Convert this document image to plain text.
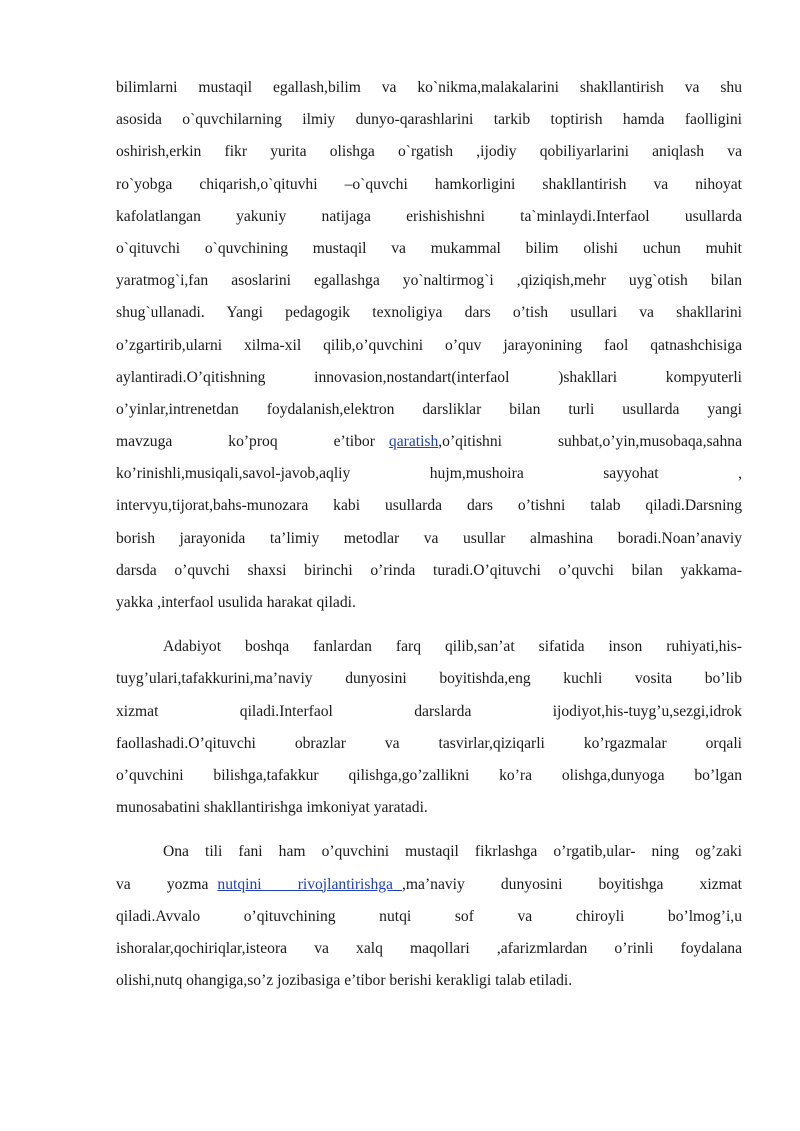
bilimlarni mustaqil egallash,bilim va ko`nikma,malakalarini shakllantirish va shu
asosida o`quvchilarning ilmiy dunyo-qarashlarini tarkib toptirish hamda faolligini
oshirish,erkin fikr yurita olishga o`rgatish ,ijodiy qobiliyarlarini aniqlash va
ro`yobga chiqarish,o`qituvhi –o`quvchi hamkorligini shakllantirish va nihoyat
kafolatlangan yakuniy natijaga erishishishni ta`minlaydi.Interfaol usullarda
o`qituvchi o`quvchining mustaqil va mukammal bilim olishi uchun muhit
yaratmog`i,fan asoslarini egallashga yo`naltirmog`i ,qiziqish,mehr uyg`otish bilan
shug`ullanadi. Yangi pedagogik texnoligiya dars o’tish usullari va shakllarini
o’zgartirib,ularni xilma-xil qilib,o’quvchini o’quv jarayonining faol qatnashchisiga
aylantiradi.O’qitishning innovasion,nostandart(interfaol )shakllari kompyuterli
o’yinlar,intrenetdan foydalanish,elektron darsliklar bilan turli usullarda yangi
mavzuga    ko’proq    e’tibor qaratish,o’qitishni    suhbat,o’yin,musobaqa,sahna
ko’rinishli,musiqali,savol-javob,aqliy hujm,mushoira sayyohat ,
intervyu,tijorat,bahs-munozara kabi usullarda dars o’tishni talab qiladi.Darsning
borish jarayonida ta’limiy metodlar va usullar almashina boradi.Noan’anaviy
darsda o’quvchi shaxsi birinchi o’rinda turadi.O’qituvchi o’quvchi bilan yakkama-
yakka ,interfaol usulida harakat qiladi.
Adabiyot boshqa fanlardan farq qilib,san’at sifatida inson ruhiyati,his-
tuyg’ulari,tafakkurini,ma’naviy dunyosini boyitishda,eng kuchli vosita bo’lib
xizmat qiladi.Interfaol darslarda ijodiyot,his-tuyg’u,sezgi,idrok
faollashadi.O’qituvchi obrazlar va tasvirlar,qiziqarli ko’rgazmalar orqali
o’quvchini bilishga,tafakkur qilishga,go’zallikni ko’ra olishga,dunyoga bo’lgan
munosabatini shakllantirishga imkoniyat yaratadi.
Ona tili fani ham o’quvchini mustaqil fikrlashga o’rgatib,ular- ning og’zaki
va    yozma nutqini    rivojlantirishga ,ma’naviy    dunyosini    boyitishga    xizmat
qiladi.Avvalo o’qituvchining nutqi sof va chiroyli bo’lmog’i,u
ishoralar,qochiriqlar,isteora va xalq maqollari ,afarizmlardan o’rinli foydalana
olishi,nutq ohangiga,so’z jozibasiga e’tibor berishi kerakligi talab etiladi.
